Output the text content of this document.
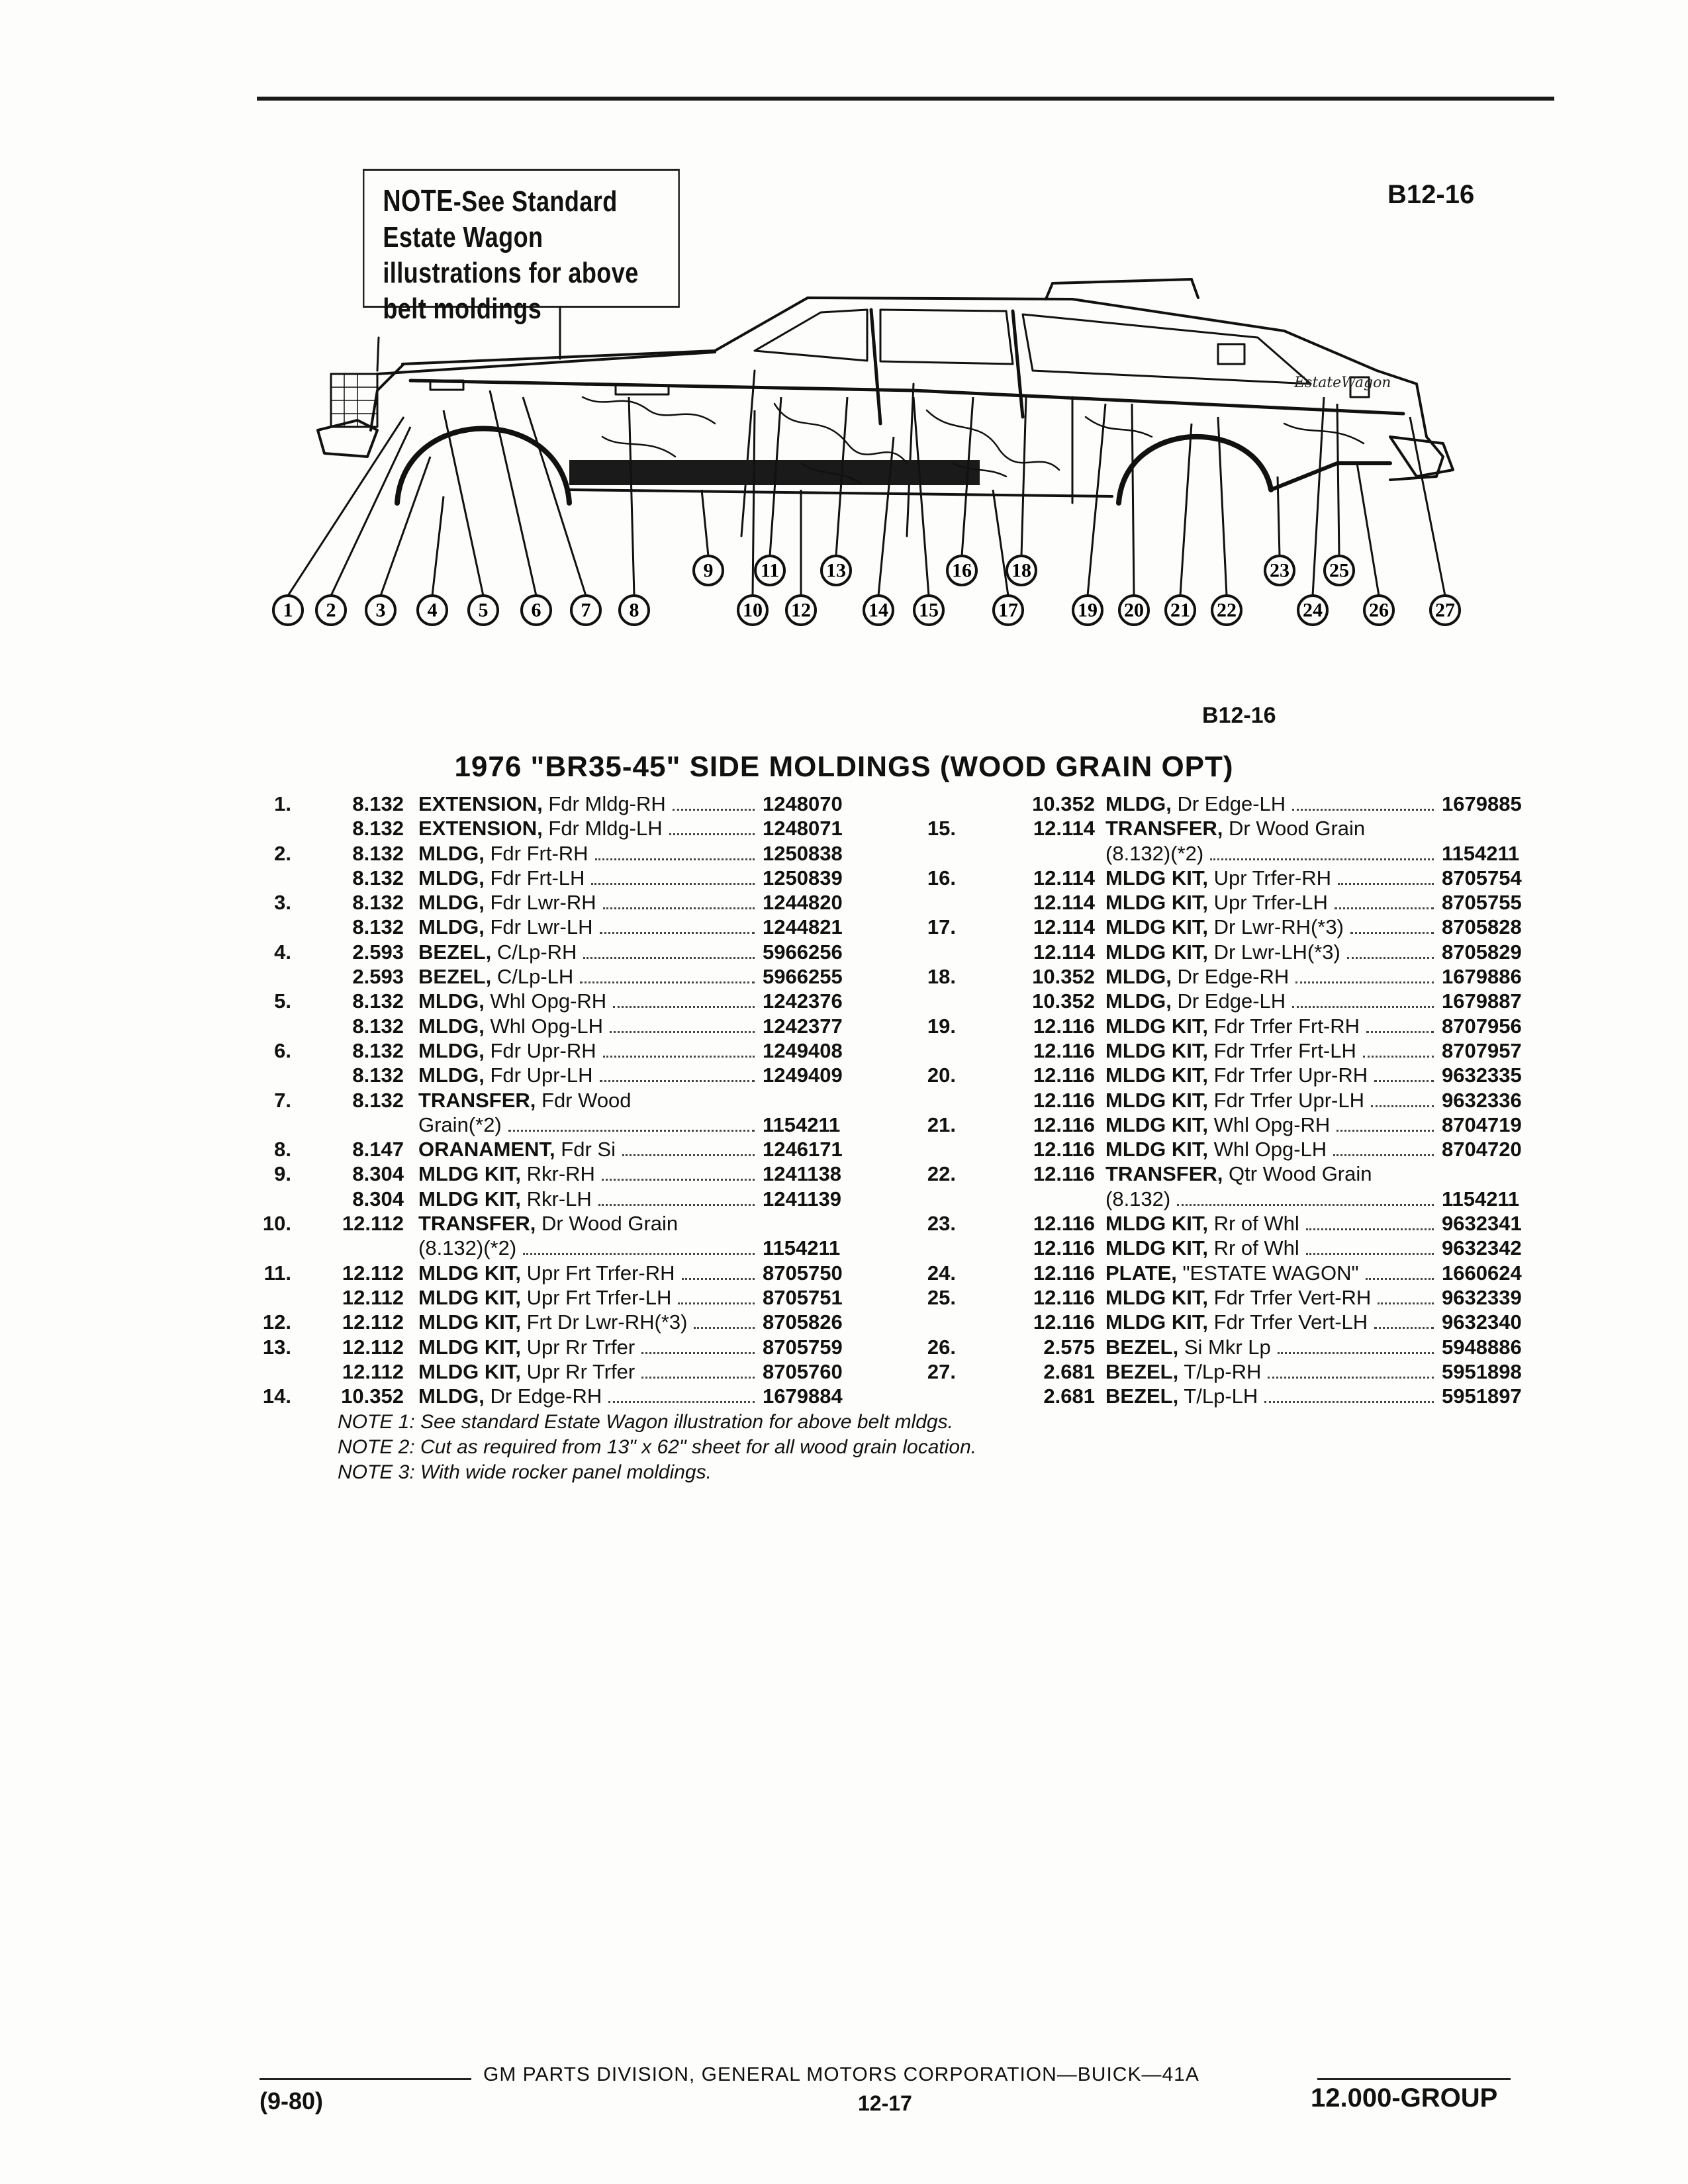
NOTE-See Standard Estate Wagon illustrations for above belt moldings
B12-16
EstateWagon
1 2 3 4 5 6 7 8
9
10
11
12
13
14 15
16
17
18
19 20 21 22
23
24
25
26 27
B12-16
1976 "BR35-45" SIDE MOLDINGS (WOOD GRAIN OPT)
1.	8.132 EXTENSION, Fdr Mldg-RH	1248070
8.132 EXTENSION, Fdr Mldg-LH	1248071
2.	8.132 MLDG, Fdr Frt-RH	1250838
8.132 MLDG, Fdr Frt-LH	1250839
3.	8.132 MLDG, Fdr Lwr-RH	1244820
8.132 MLDG, Fdr Lwr-LH	1244821
4.	2.593 BEZEL, C/Lp-RH	5966256
2.593 BEZEL, C/Lp-LH	5966255
5.	8.132 MLDG, Whl Opg-RH	1242376
8.132 MLDG, Whl Opg-LH	1242377
6.	8.132 MLDG, Fdr Upr-RH	1249408
8.132 MLDG, Fdr Upr-LH	1249409
7.	8.132 TRANSFER, Fdr Wood
Grain(*2)	1154211
8.	8.147 ORANAMENT, Fdr Si	1246171
9.	8.304 MLDG KIT, Rkr-RH	1241138
8.304 MLDG KIT, Rkr-LH	1241139
10.	12.112 TRANSFER, Dr Wood Grain
(8.132)(*2)	1154211
11.	12.112 MLDG KIT, Upr Frt Trfer-RH	8705750
12.112 MLDG KIT, Upr Frt Trfer-LH	8705751
12.	12.112 MLDG KIT, Frt Dr Lwr-RH(*3)	8705826
13.	12.112 MLDG KIT, Upr Rr Trfer	8705759
12.112 MLDG KIT, Upr Rr Trfer	8705760
14.	10.352 MLDG, Dr Edge-RH	1679884
10.352 MLDG, Dr Edge-LH	1679885
15.	12.114 TRANSFER, Dr Wood Grain
(8.132)(*2)	1154211
16.	12.114 MLDG KIT, Upr Trfer-RH	8705754
12.114 MLDG KIT, Upr Trfer-LH	8705755
17.	12.114 MLDG KIT, Dr Lwr-RH(*3)	8705828
12.114 MLDG KIT, Dr Lwr-LH(*3)	8705829
18.	10.352 MLDG, Dr Edge-RH	1679886
10.352 MLDG, Dr Edge-LH	1679887
19.	12.116 MLDG KIT, Fdr Trfer Frt-RH	8707956
12.116 MLDG KIT, Fdr Trfer Frt-LH	8707957
20.	12.116 MLDG KIT, Fdr Trfer Upr-RH	9632335
12.116 MLDG KIT, Fdr Trfer Upr-LH	9632336
21.	12.116 MLDG KIT, Whl Opg-RH	8704719
12.116 MLDG KIT, Whl Opg-LH	8704720
22.	12.116 TRANSFER, Qtr Wood Grain
(8.132)	1154211
23.	12.116 MLDG KIT, Rr of Whl	9632341
12.116 MLDG KIT, Rr of Whl	9632342
24.	12.116 PLATE, "ESTATE WAGON"	1660624
25.	12.116 MLDG KIT, Fdr Trfer Vert-RH	9632339
12.116 MLDG KIT, Fdr Trfer Vert-LH	9632340
26.	2.575 BEZEL, Si Mkr Lp	5948886
27.	2.681 BEZEL, T/Lp-RH	5951898
2.681 BEZEL, T/Lp-LH	5951897
NOTE 1: See standard Estate Wagon illustration for above belt mldgs.
NOTE 2: Cut as required from 13" x 62" sheet for all wood grain location.
NOTE 3: With wide rocker panel moldings.
GM PARTS DIVISION, GENERAL MOTORS CORPORATION—BUICK—41A
(9-80)	12-17	12.000-GROUP
